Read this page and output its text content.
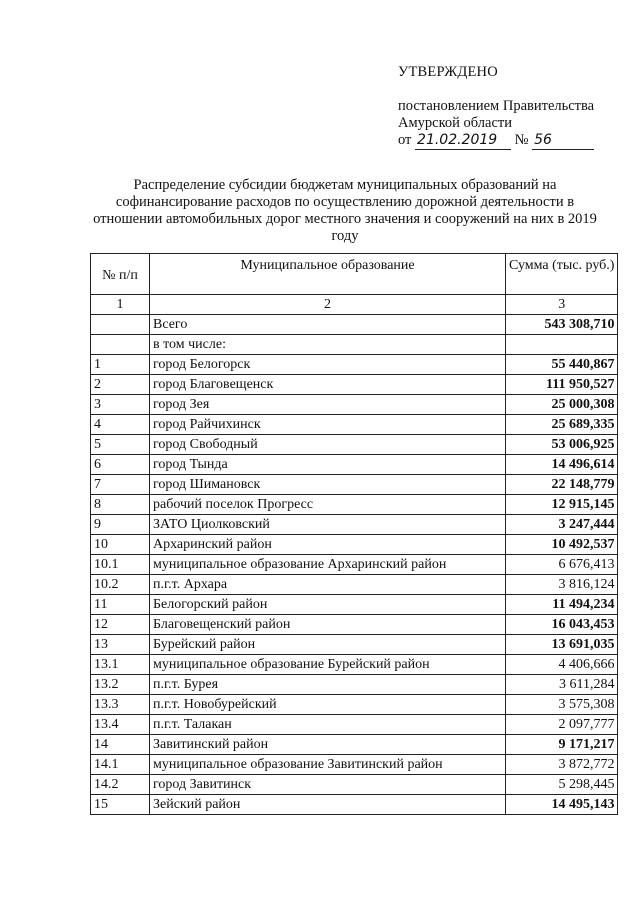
УТВЕРЖДЕНО
постановлением Правительства
Амурской области
от 21.02.2019 № 56
Распределение субсидии бюджетам муниципальных образований на софинансирование расходов по осуществлению дорожной деятельности в отношении автомобильных дорог местного значения и сооружений на них в 2019 году
№ п/п	Муниципальное образование	Сумма (тыс. руб.)
1	2	3
	Всего	543 308,710
	в том числе:	
1	город Белогорск	55 440,867
2	город Благовещенск	111 950,527
3	город Зея	25 000,308
4	город Райчихинск	25 689,335
5	город Свободный	53 006,925
6	город Тында	14 496,614
7	город Шимановск	22 148,779
8	рабочий поселок Прогресс	12 915,145
9	ЗАТО Циолковский	3 247,444
10	Архаринский район	10 492,537
10.1	муниципальное образование Архаринский район	6 676,413
10.2	п.г.т. Архара	3 816,124
11	Белогорский район	11 494,234
12	Благовещенский район	16 043,453
13	Бурейский район	13 691,035
13.1	муниципальное образование Бурейский район	4 406,666
13.2	п.г.т. Бурея	3 611,284
13.3	п.г.т. Новобурейский	3 575,308
13.4	п.г.т. Талакан	2 097,777
14	Завитинский район	9 171,217
14.1	муниципальное образование Завитинский район	3 872,772
14.2	город Завитинск	5 298,445
15	Зейский район	14 495,143
